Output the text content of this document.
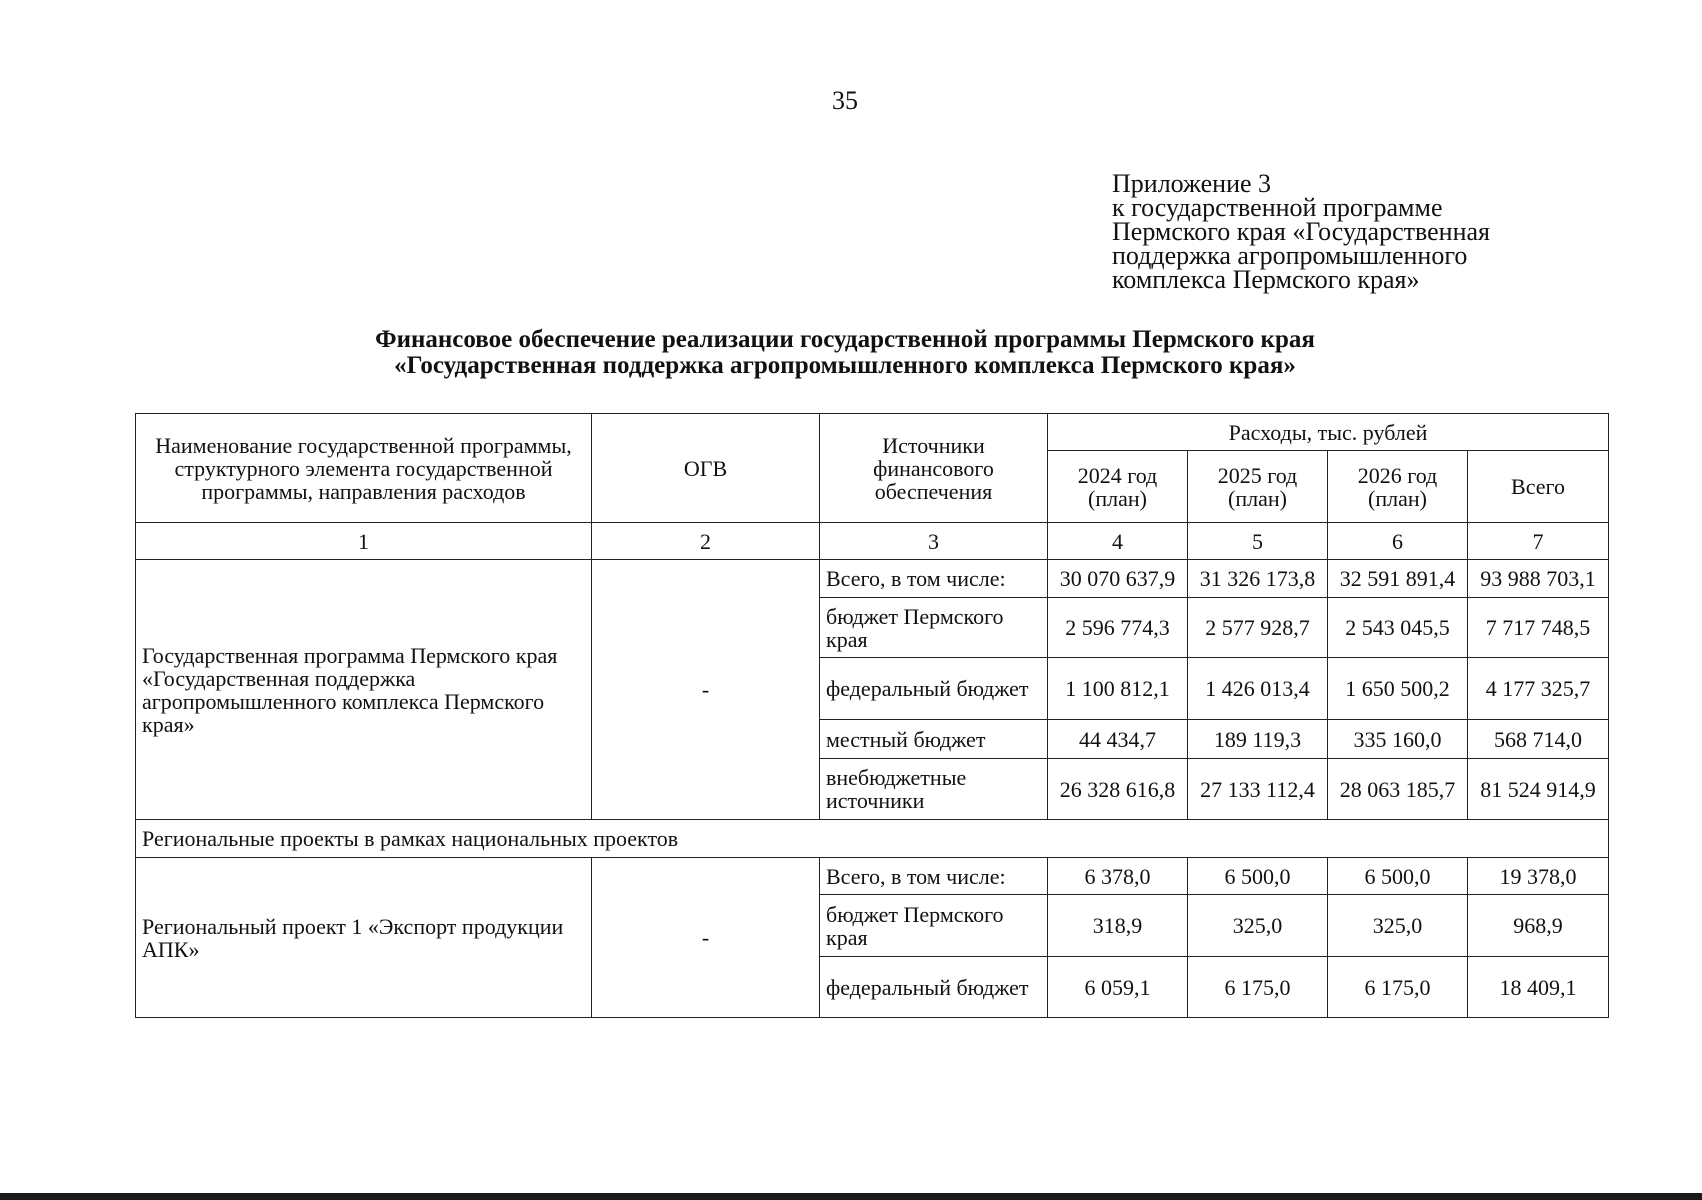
35
Приложение 3
к государственной программе
Пермского края «Государственная
поддержка агропромышленного
комплекса Пермского края»
Финансовое обеспечение реализации государственной программы Пермского края
«Государственная поддержка агропромышленного комплекса Пермского края»
Наименование государственной программы, структурного элемента государственной программы, направления расходов	ОГВ	Источники финансового обеспечения	Расходы, тыс. рублей			
			2024 год (план)	2025 год (план)	2026 год (план)	Всего
1	2	3	4	5	6	7
Государственная программа Пермского края «Государственная поддержка агропромышленного комплекса Пермского края»	-	Всего, в том числе:	30 070 637,9	31 326 173,8	32 591 891,4	93 988 703,1
		бюджет Пермского края	2 596 774,3	2 577 928,7	2 543 045,5	7 717 748,5
		федеральный бюджет	1 100 812,1	1 426 013,4	1 650 500,2	4 177 325,7
		местный бюджет	44 434,7	189 119,3	335 160,0	568 714,0
		внебюджетные источники	26 328 616,8	27 133 112,4	28 063 185,7	81 524 914,9
Региональные проекты в рамках национальных проектов						
Региональный проект 1 «Экспорт продукции АПК»	-	Всего, в том числе:	6 378,0	6 500,0	6 500,0	19 378,0
		бюджет Пермского края	318,9	325,0	325,0	968,9
		федеральный бюджет	6 059,1	6 175,0	6 175,0	18 409,1
